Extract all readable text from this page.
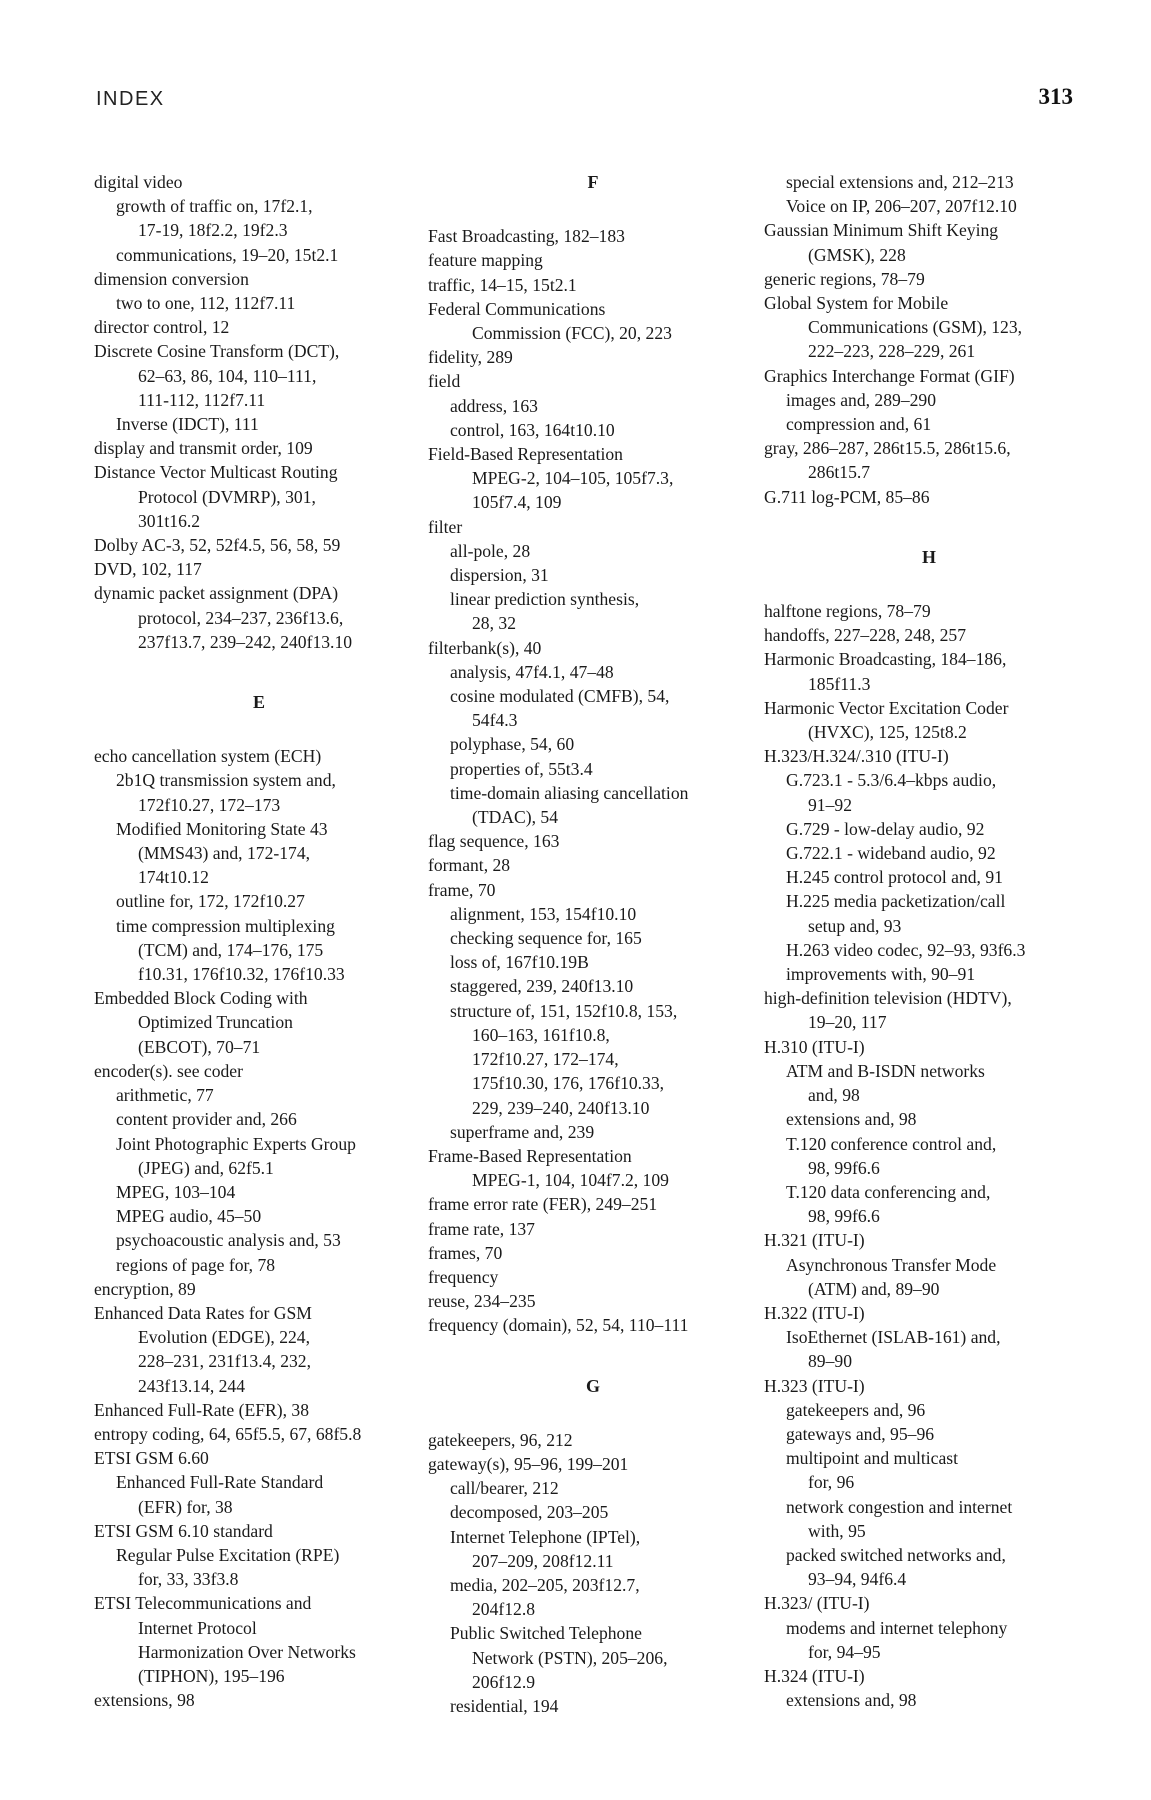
INDEX	313
digital video
growth of traffic on, 17f2.1,
17-19, 18f2.2, 19f2.3
communications, 19–20, 15t2.1
dimension conversion
two to one, 112, 112f7.11
director control, 12
Discrete Cosine Transform (DCT),
62–63, 86, 104, 110–111,
111-112, 112f7.11
Inverse (IDCT), 111
display and transmit order, 109
Distance Vector Multicast Routing
Protocol (DVMRP), 301,
301t16.2
Dolby AC-3, 52, 52f4.5, 56, 58, 59
DVD, 102, 117
dynamic packet assignment (DPA)
protocol, 234–237, 236f13.6,
237f13.7, 239–242, 240f13.10
E
echo cancellation system (ECH)
2b1Q transmission system and,
172f10.27, 172–173
Modified Monitoring State 43
(MMS43) and, 172-174,
174t10.12
outline for, 172, 172f10.27
time compression multiplexing
(TCM) and, 174–176, 175
f10.31, 176f10.32, 176f10.33
Embedded Block Coding with
Optimized Truncation
(EBCOT), 70–71
encoder(s). see coder
arithmetic, 77
content provider and, 266
Joint Photographic Experts Group
(JPEG) and, 62f5.1
MPEG, 103–104
MPEG audio, 45–50
psychoacoustic analysis and, 53
regions of page for, 78
encryption, 89
Enhanced Data Rates for GSM
Evolution (EDGE), 224,
228–231, 231f13.4, 232,
243f13.14, 244
Enhanced Full-Rate (EFR), 38
entropy coding, 64, 65f5.5, 67, 68f5.8
ETSI GSM 6.60
Enhanced Full-Rate Standard
(EFR) for, 38
ETSI GSM 6.10 standard
Regular Pulse Excitation (RPE)
for, 33, 33f3.8
ETSI Telecommunications and
Internet Protocol
Harmonization Over Networks
(TIPHON), 195–196
extensions, 98
F
Fast Broadcasting, 182–183
feature mapping
traffic, 14–15, 15t2.1
Federal Communications
Commission (FCC), 20, 223
fidelity, 289
field
address, 163
control, 163, 164t10.10
Field-Based Representation
MPEG-2, 104–105, 105f7.3,
105f7.4, 109
filter
all-pole, 28
dispersion, 31
linear prediction synthesis,
28, 32
filterbank(s), 40
analysis, 47f4.1, 47–48
cosine modulated (CMFB), 54,
54f4.3
polyphase, 54, 60
properties of, 55t3.4
time-domain aliasing cancellation
(TDAC), 54
flag sequence, 163
formant, 28
frame, 70
alignment, 153, 154f10.10
checking sequence for, 165
loss of, 167f10.19B
staggered, 239, 240f13.10
structure of, 151, 152f10.8, 153,
160–163, 161f10.8,
172f10.27, 172–174,
175f10.30, 176, 176f10.33,
229, 239–240, 240f13.10
superframe and, 239
Frame-Based Representation
MPEG-1, 104, 104f7.2, 109
frame error rate (FER), 249–251
frame rate, 137
frames, 70
frequency
reuse, 234–235
frequency (domain), 52, 54, 110–111
G
gatekeepers, 96, 212
gateway(s), 95–96, 199–201
call/bearer, 212
decomposed, 203–205
Internet Telephone (IPTel),
207–209, 208f12.11
media, 202–205, 203f12.7,
204f12.8
Public Switched Telephone
Network (PSTN), 205–206,
206f12.9
residential, 194
special extensions and, 212–213
Voice on IP, 206–207, 207f12.10
Gaussian Minimum Shift Keying
(GMSK), 228
generic regions, 78–79
Global System for Mobile
Communications (GSM), 123,
222–223, 228–229, 261
Graphics Interchange Format (GIF)
images and, 289–290
compression and, 61
gray, 286–287, 286t15.5, 286t15.6,
286t15.7
G.711 log-PCM, 85–86
H
halftone regions, 78–79
handoffs, 227–228, 248, 257
Harmonic Broadcasting, 184–186,
185f11.3
Harmonic Vector Excitation Coder
(HVXC), 125, 125t8.2
H.323/H.324/.310 (ITU-I)
G.723.1 - 5.3/6.4–kbps audio,
91–92
G.729 - low-delay audio, 92
G.722.1 - wideband audio, 92
H.245 control protocol and, 91
H.225 media packetization/call
setup and, 93
H.263 video codec, 92–93, 93f6.3
improvements with, 90–91
high-definition television (HDTV),
19–20, 117
H.310 (ITU-I)
ATM and B-ISDN networks
and, 98
extensions and, 98
T.120 conference control and,
98, 99f6.6
T.120 data conferencing and,
98, 99f6.6
H.321 (ITU-I)
Asynchronous Transfer Mode
(ATM) and, 89–90
H.322 (ITU-I)
IsoEthernet (ISLAB-161) and,
89–90
H.323 (ITU-I)
gatekeepers and, 96
gateways and, 95–96
multipoint and multicast
for, 96
network congestion and internet
with, 95
packed switched networks and,
93–94, 94f6.4
H.323/ (ITU-I)
modems and internet telephony
for, 94–95
H.324 (ITU-I)
extensions and, 98
